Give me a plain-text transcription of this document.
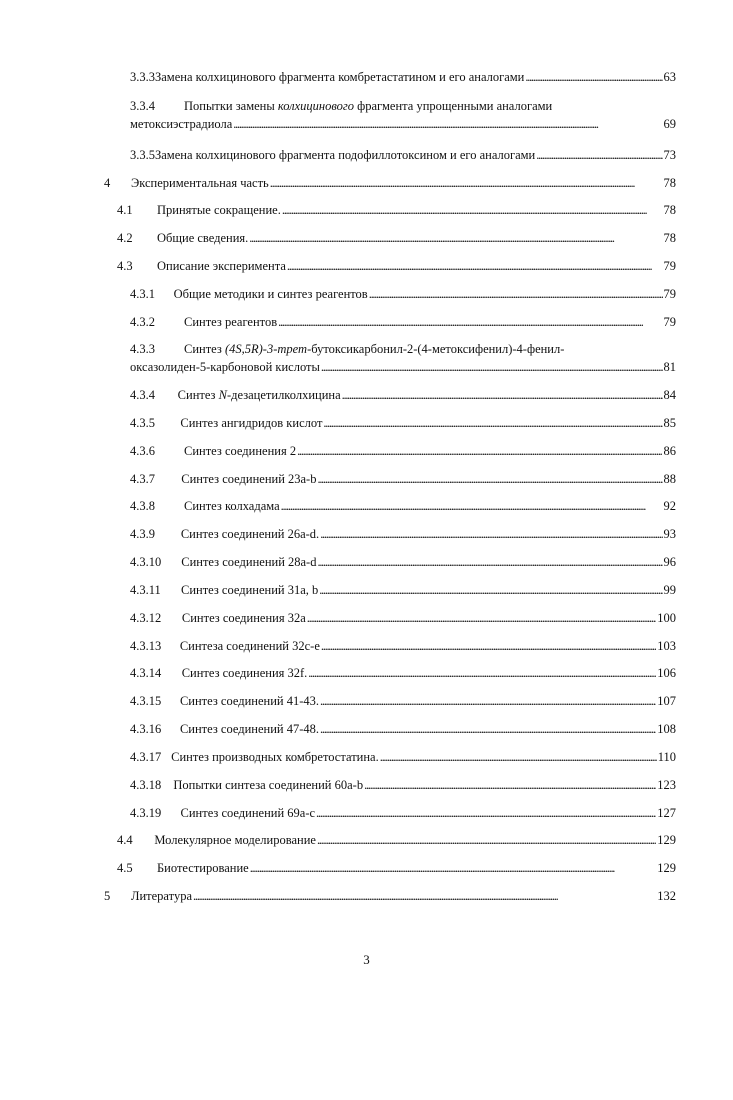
3.3.3 Замена колхицинового фрагмента комбретастатином и его аналогами . . .	63
3.3.4 Попытки замены колхицинового фрагмента упрощенными аналогами
метоксиэстрадиола . . .	69
3.3.5 Замена колхицинового фрагмента подофиллотоксином и его аналогами . . .	73
4	Экспериментальная часть . . .	78
4.1	Принятые сокращение. . . .	78
4.2	Общие сведения. . . .	78
4.3	Описание эксперимента . . .	79
4.3.1	Общие методики и синтез реагентов . . .	79
4.3.2	Синтез реагентов . . .	79
4.3.3 Синтез (4S,5R)-3-трет-бутоксикарбонил-2-(4-метоксифенил)-4-фенил-
оксазолиден-5-карбоновой кислоты . . .	81
4.3.4	Синтез N-дезацетилколхицина . . .	84
4.3.5	Синтез ангидридов кислот . . .	85
4.3.6	Синтез соединения 2 . . .	86
4.3.7	Синтез соединений 23a-b . . .	88
4.3.8	Синтез колхадама . . .	92
4.3.9	Синтез соединений 26a-d. . . .	93
4.3.10	Синтез соединений 28a-d . . .	96
4.3.11	Синтез соединений 31a, b . . .	99
4.3.12	Синтез соединения 32a . . .	100
4.3.13	Синтеза соединений 32c-e . . .	103
4.3.14	Синтез соединения 32f. . . .	106
4.3.15	Синтез соединений 41-43. . . .	107
4.3.16	Синтез соединений 47-48. . . .	108
4.3.17 Синтез производных комбретостатина. . . .	110
4.3.18 Попытки синтеза соединений 60a-b . . .	123
4.3.19	Синтез соединений 69a-c . . .	127
4.4	Молекулярное моделирование . . .	129
4.5	Биотестирование . . .	129
5	Литература . . .	132
3
